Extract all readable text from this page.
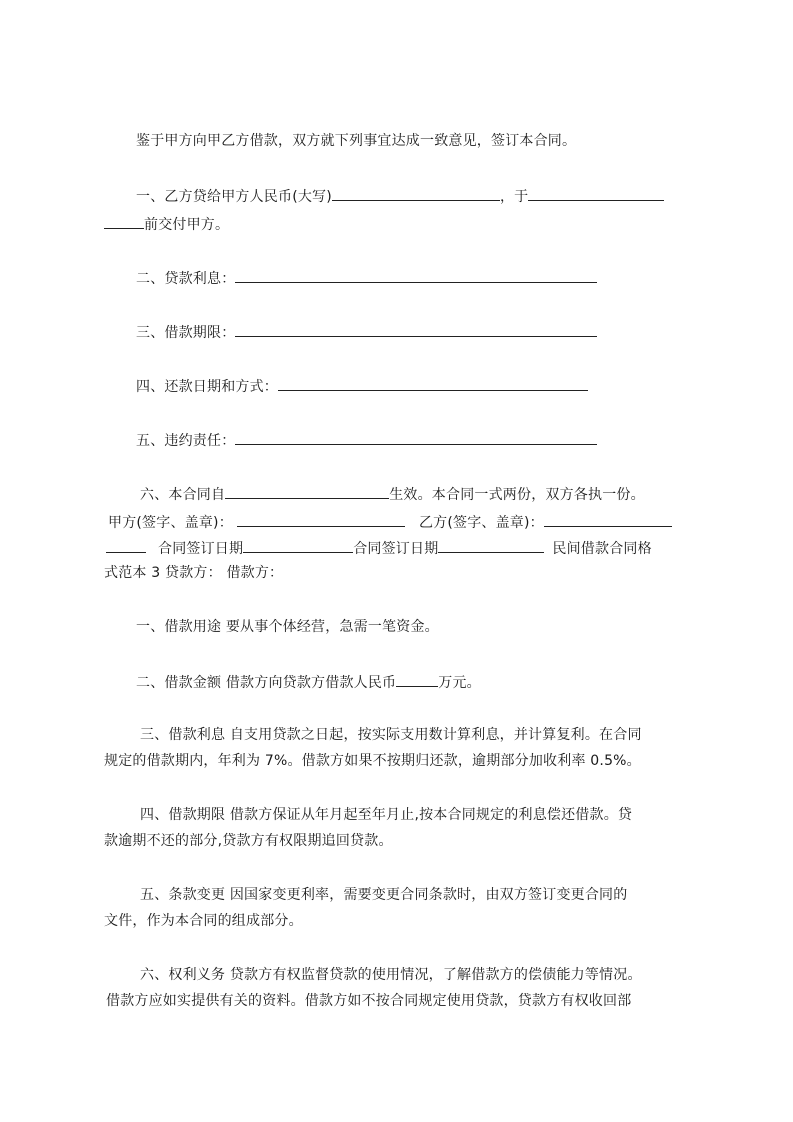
鉴于甲方向甲乙方借款，双方就下列事宜达成一致意见，签订本合同。
一、乙方贷给甲方人民币(大写)	，于
前交付甲方。
二、贷款利息：
三、借款期限：
四、还款日期和方式：
五、违约责任：
六、本合同自	生效。本合同一式两份，双方各执一份。
甲方(签字、盖章)：	乙方(签字、盖章)：
合同签订日期	合同签订日期	民间借款合同格
式范本 3 贷款方： 借款方：
一、借款用途 要从事个体经营，急需一笔资金。
二、借款金额 借款方向贷款方借款人民币	万元。
三、借款利息 自支用贷款之日起，按实际支用数计算利息，并计算复利。在合同
规定的借款期内，年利为 7%。借款方如果不按期归还款，逾期部分加收利率 0.5%。
四、借款期限 借款方保证从年月起至年月止,按本合同规定的利息偿还借款。贷
款逾期不还的部分,贷款方有权限期追回贷款。
五、条款变更 因国家变更利率，需要变更合同条款时，由双方签订变更合同的
文件，作为本合同的组成部分。
六、权利义务 贷款方有权监督贷款的使用情况，了解借款方的偿债能力等情况。
借款方应如实提供有关的资料。借款方如不按合同规定使用贷款，贷款方有权收回部
